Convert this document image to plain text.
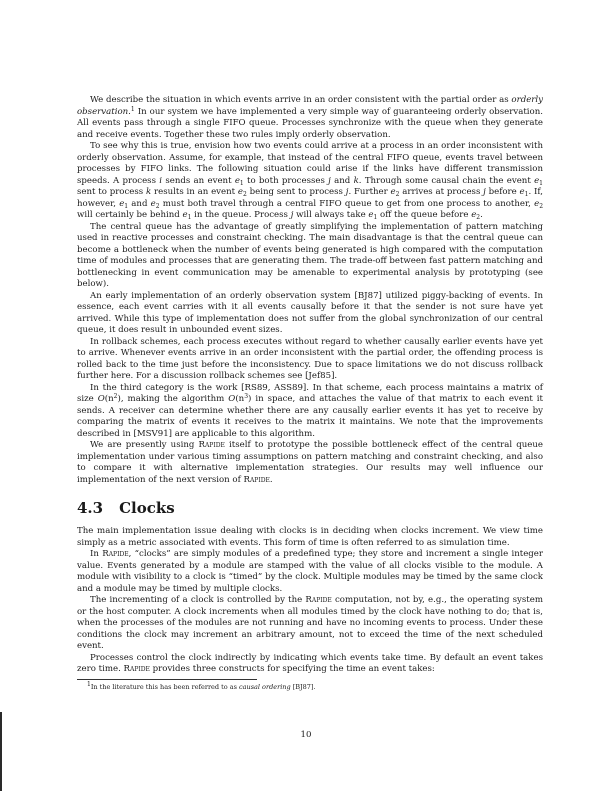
We describe the situation in which events arrive in an order consistent with the partial order as orderly observation.$^1$ In our system we have implemented a very simple way of guaranteeing orderly observation. All events pass through a single FIFO queue. Processes synchronize with the queue when they generate and receive events. Together these two rules imply orderly observation.

To see why this is true, envision how two events could arrive at a process in an order inconsistent with orderly observation. Assume, for example, that instead of the central FIFO queue, events travel between processes by FIFO links. The following situation could arise if the links have different transmission speeds. A process i sends an event $e_1$ to both processes j and k. Through some causal chain the event $e_1$ sent to process k results in an event $e_2$ being sent to process j. Further $e_2$ arrives at process j before $e_1$. If, however, $e_1$ and $e_2$ must both travel through a central FIFO queue to get from one process to another, $e_2$ will certainly be behind $e_1$ in the queue. Process j will always take $e_1$ off the queue before $e_2$.

The central queue has the advantage of greatly simplifying the implementation of pattern matching used in reactive processes and constraint checking. The main disadvantage is that the central queue can become a bottleneck when the number of events being generated is high compared with the computation time of modules and processes that are generating them. The trade-off between fast pattern matching and bottlenecking in event communication may be amenable to experimental analysis by prototyping (see below).

An early implementation of an orderly observation system [BJ87] utilized piggy-backing of events. In essence, each event carries with it all events causally before it that the sender is not sure have yet arrived. While this type of implementation does not suffer from the global synchronization of our central queue, it does result in unbounded event sizes.

In rollback schemes, each process executes without regard to whether causally earlier events have yet to arrive. Whenever events arrive in an order inconsistent with the partial order, the offending process is rolled back to the time just before the inconsistency. Due to space limitations we do not discuss rollback further here. For a discussion rollback schemes see [Jef85].

In the third category is the work [RS89, ASS89]. In that scheme, each process maintains a matrix of size $O(n^2)$, making the algorithm $O(n^3)$ in space, and attaches the value of that matrix to each event it sends. A receiver can determine whether there are any causally earlier events it has yet to receive by comparing the matrix of events it receives to the matrix it maintains. We note that the improvements described in [MSV91] are applicable to this algorithm.

We are presently using Rapide itself to prototype the possible bottleneck effect of the central queue implementation under various timing assumptions on pattern matching and constraint checking, and also to compare it with alternative implementation strategies. Our results may well influence our implementation of the next version of Rapide.

4.3 Clocks

The main implementation issue dealing with clocks is in deciding when clocks increment. We view time simply as a metric associated with events. This form of time is often referred to as simulation time.

In Rapide, “clocks” are simply modules of a predefined type; they store and increment a single integer value. Events generated by a module are stamped with the value of all clocks visible to the module. A module with visibility to a clock is “timed” by the clock. Multiple modules may be timed by the same clock and a module may be timed by multiple clocks.

The incrementing of a clock is controlled by the Rapide computation, not by, e.g., the operating system or the host computer. A clock increments when all modules timed by the clock have nothing to do; that is, when the processes of the modules are not running and have no incoming events to process. Under these conditions the clock may increment an arbitrary amount, not to exceed the time of the next scheduled event.

Processes control the clock indirectly by indicating which events take time. By default an event takes zero time. Rapide provides three constructs for specifying the time an event takes:

$^1$In the literature this has been referred to as causal ordering [BJ87].
10
